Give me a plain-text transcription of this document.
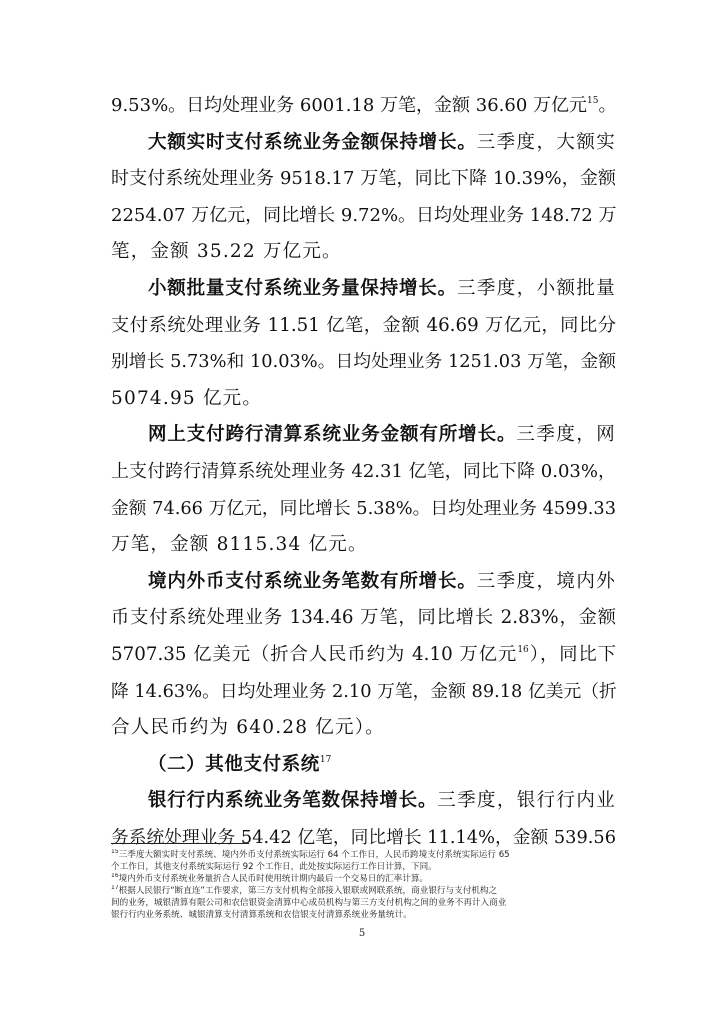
9.53%。日均处理业务 6001.18 万笔，金额 36.60 万亿元$^{15}$。
大额实时支付系统业务金额保持增长。三季度，大额实
时支付系统处理业务 9518.17 万笔，同比下降 10.39%，金额
2254.07 万亿元，同比增长 9.72%。日均处理业务 148.72 万
笔，金额 35.22 万亿元。
小额批量支付系统业务量保持增长。三季度，小额批量
支付系统处理业务 11.51 亿笔，金额 46.69 万亿元，同比分
别增长 5.73%和 10.03%。日均处理业务 1251.03 万笔，金额
5074.95 亿元。
网上支付跨行清算系统业务金额有所增长。三季度，网
上支付跨行清算系统处理业务 42.31 亿笔，同比下降 0.03%，
金额 74.66 万亿元，同比增长 5.38%。日均处理业务 4599.33
万笔，金额 8115.34 亿元。
境内外币支付系统业务笔数有所增长。三季度，境内外
币支付系统处理业务 134.46 万笔，同比增长 2.83%，金额
5707.35 亿美元（折合人民币约为 4.10 万亿元$^{16}$），同比下
降 14.63%。日均处理业务 2.10 万笔，金额 89.18 亿美元（折
合人民币约为 640.28 亿元）。
（二）其他支付系统$^{17}$
银行行内系统业务笔数保持增长。三季度，银行行内业
务系统处理业务 54.42 亿笔，同比增长 11.14%，金额 539.56
$^{15}$三季度大额实时支付系统、境内外币支付系统实际运行 64 个工作日，人民币跨境支付系统实际运行 65
个工作日，其他支付系统实际运行 92 个工作日，此处按实际运行工作日计算，下同。
$^{16}$境内外币支付系统业务量折合人民币时使用统计期内最后一个交易日的汇率计算。
$^{17}$根据人民银行“断直连”工作要求，第三方支付机构全部接入银联或网联系统，商业银行与支付机构之
间的业务，城银清算有限公司和农信银资金清算中心成员机构与第三方支付机构之间的业务不再计入商业
银行行内业务系统、城银清算支付清算系统和农信银支付清算系统业务量统计。
5
